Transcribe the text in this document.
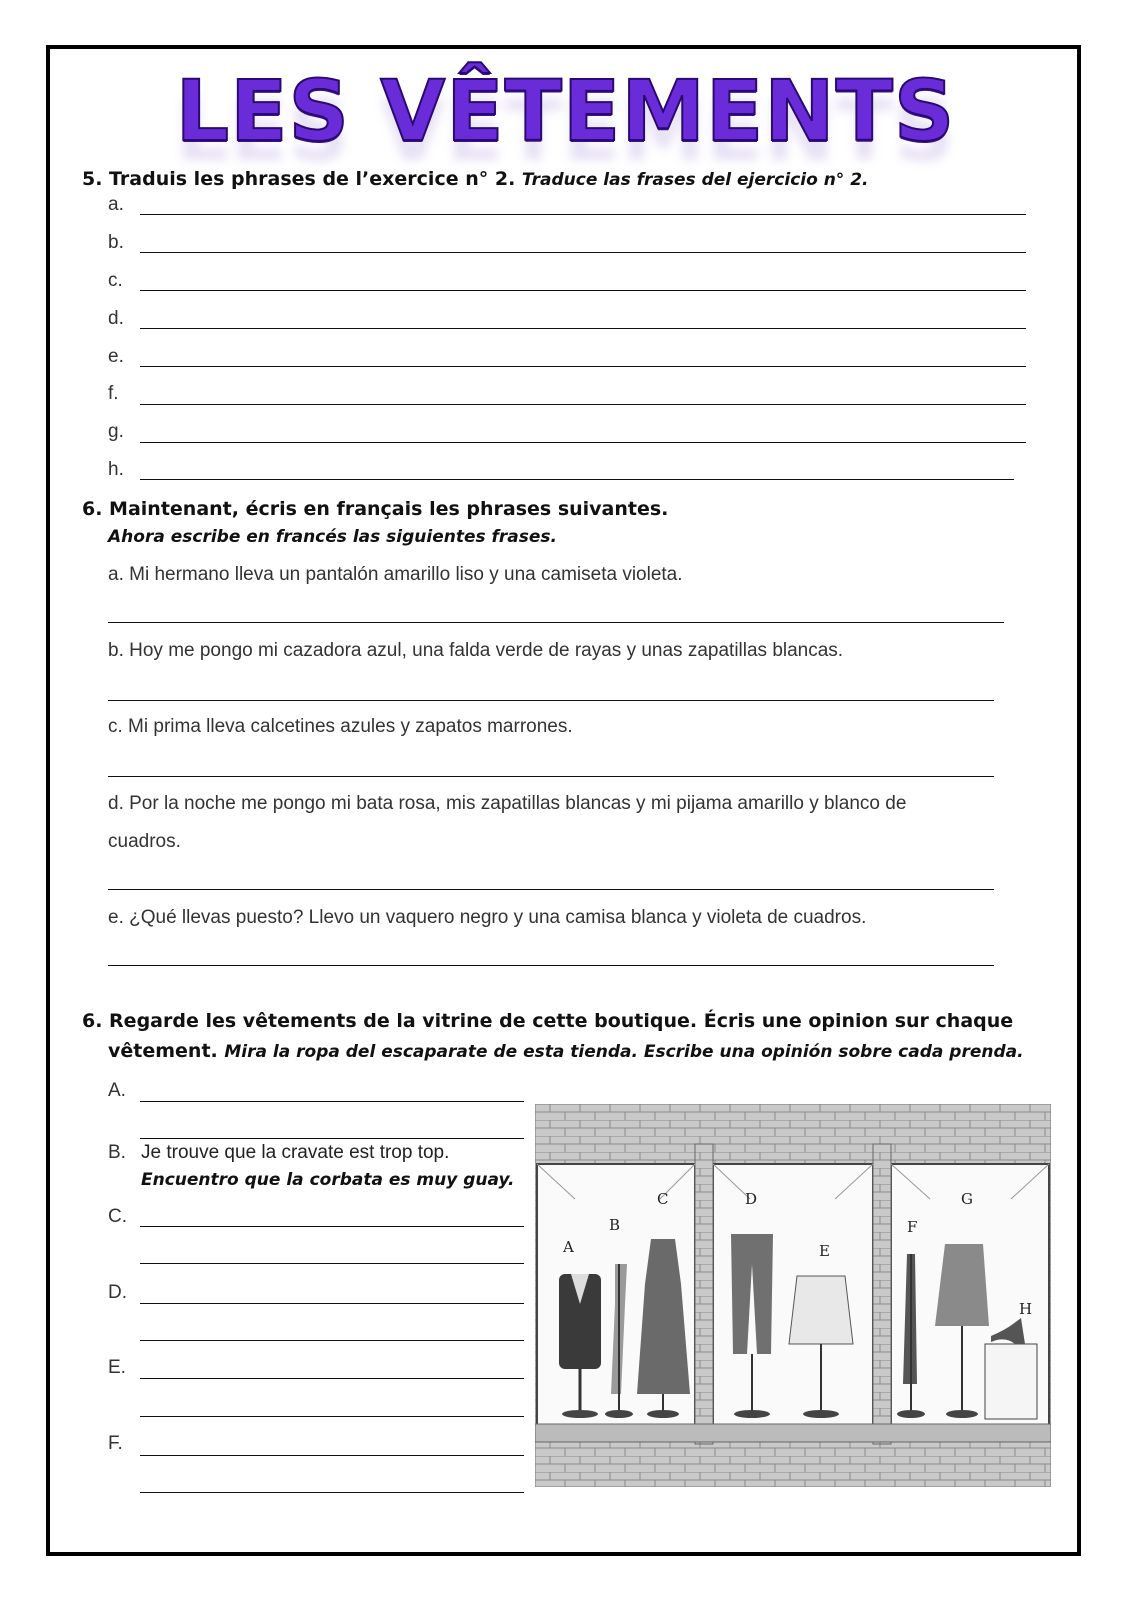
LES VÊTEMENTS
5. Traduis les phrases de l’exercice n° 2. Traduce las frases del ejercicio n° 2.
a.
b.
c.
d.
e.
f.
g.
h.
6. Maintenant, écris en français les phrases suivantes.
Ahora escribe en francés las siguientes frases.
a. Mi hermano lleva un pantalón amarillo liso y una camiseta violeta.
b. Hoy me pongo mi cazadora azul, una falda verde de rayas y unas zapatillas blancas.
c. Mi prima lleva calcetines azules y zapatos marrones.
d. Por la noche me pongo mi bata rosa, mis zapatillas blancas y mi pijama amarillo y blanco de
cuadros.
e. ¿Qué llevas puesto? Llevo un vaquero negro y una camisa blanca y violeta de cuadros.
6. Regarde les vêtements de la vitrine de cette boutique. Écris une opinion sur chaque
vêtement. Mira la ropa del escaparate de esta tienda. Escribe una opinión sobre cada prenda.
A.
B. Je trouve que la cravate est trop top.
Encuentro que la corbata es muy guay.
C.
D.
E.
F.
A
B
C	D
E
F
G
H
